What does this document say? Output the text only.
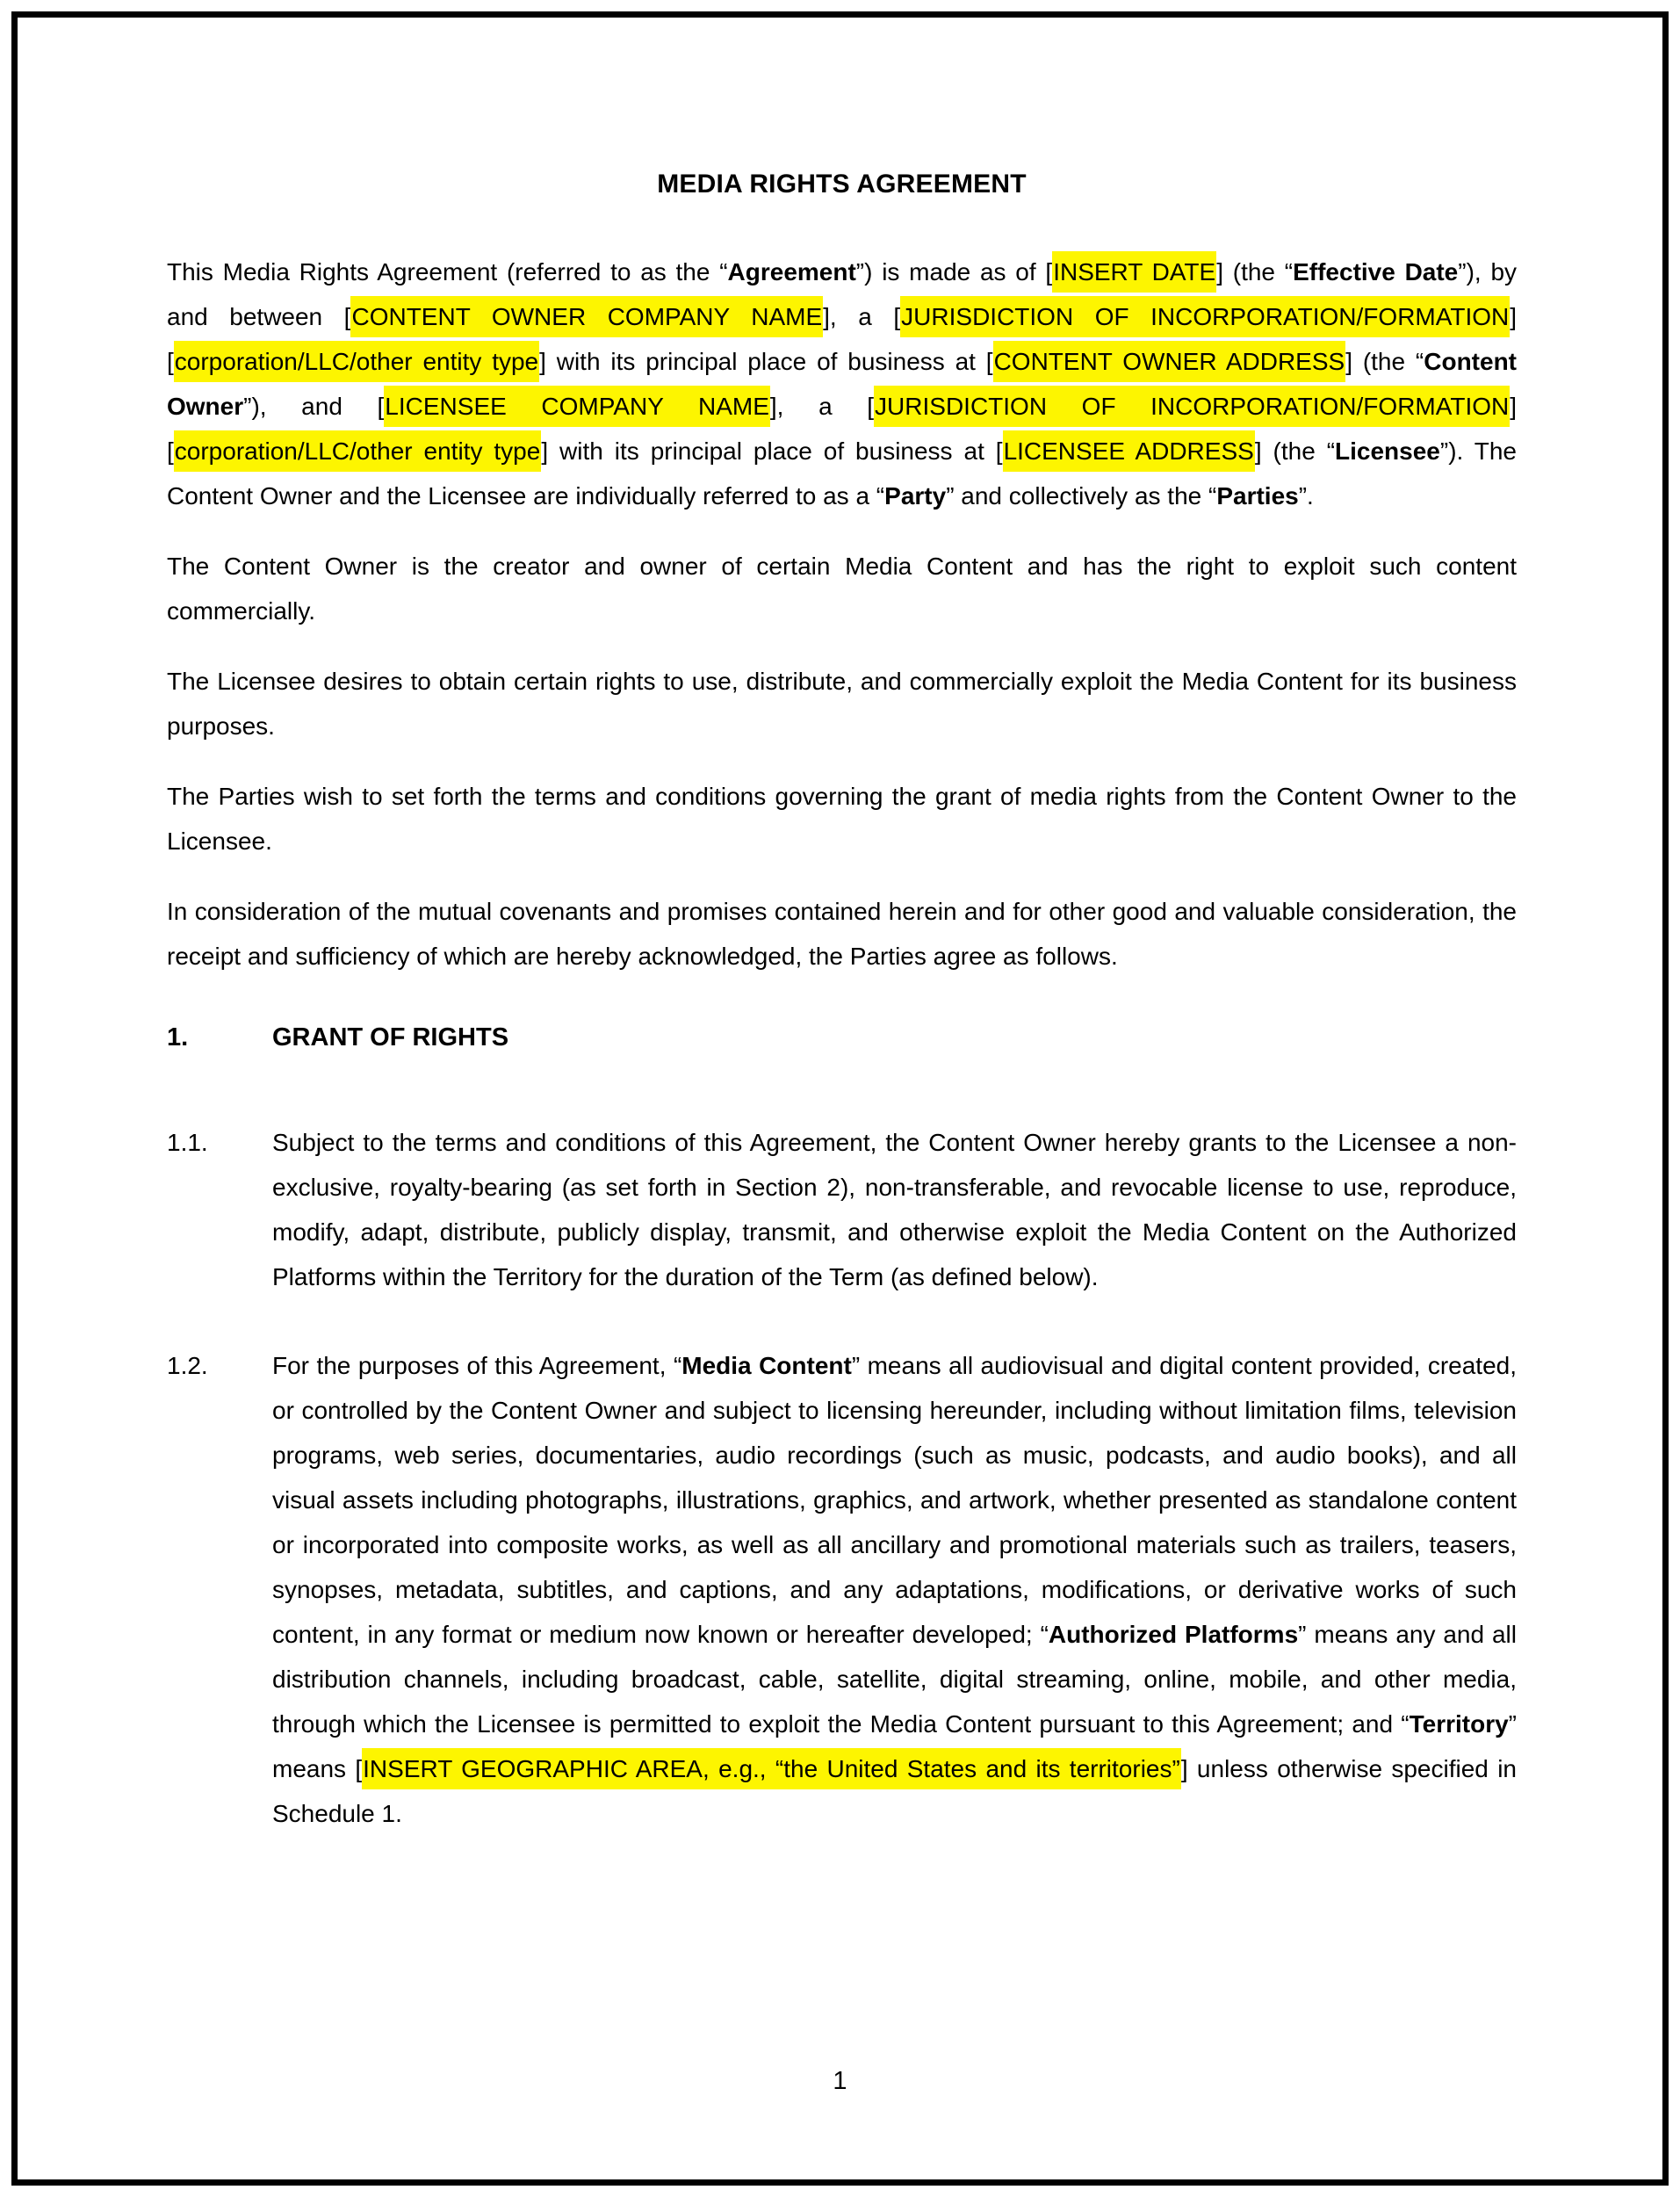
MEDIA RIGHTS AGREEMENT
This Media Rights Agreement (referred to as the “Agreement”) is made as of [INSERT DATE] (the “Effective Date”), by and between [CONTENT OWNER COMPANY NAME], a [JURISDICTION OF INCORPORATION/FORMATION] [corporation/LLC/other entity type] with its principal place of business at [CONTENT OWNER ADDRESS] (the “Content Owner”), and [LICENSEE COMPANY NAME], a [JURISDICTION OF INCORPORATION/FORMATION] [corporation/LLC/other entity type] with its principal place of business at [LICENSEE ADDRESS] (the “Licensee”). The Content Owner and the Licensee are individually referred to as a “Party” and collectively as the “Parties”.
The Content Owner is the creator and owner of certain Media Content and has the right to exploit such content commercially.
The Licensee desires to obtain certain rights to use, distribute, and commercially exploit the Media Content for its business purposes.
The Parties wish to set forth the terms and conditions governing the grant of media rights from the Content Owner to the Licensee.
In consideration of the mutual covenants and promises contained herein and for other good and valuable consideration, the receipt and sufficiency of which are hereby acknowledged, the Parties agree as follows.
1.	GRANT OF RIGHTS
1.1.	Subject to the terms and conditions of this Agreement, the Content Owner hereby grants to the Licensee a non-exclusive, royalty-bearing (as set forth in Section 2), non-transferable, and revocable license to use, reproduce, modify, adapt, distribute, publicly display, transmit, and otherwise exploit the Media Content on the Authorized Platforms within the Territory for the duration of the Term (as defined below).
1.2.	For the purposes of this Agreement, “Media Content” means all audiovisual and digital content provided, created, or controlled by the Content Owner and subject to licensing hereunder, including without limitation films, television programs, web series, documentaries, audio recordings (such as music, podcasts, and audio books), and all visual assets including photographs, illustrations, graphics, and artwork, whether presented as standalone content or incorporated into composite works, as well as all ancillary and promotional materials such as trailers, teasers, synopses, metadata, subtitles, and captions, and any adaptations, modifications, or derivative works of such content, in any format or medium now known or hereafter developed; “Authorized Platforms” means any and all distribution channels, including broadcast, cable, satellite, digital streaming, online, mobile, and other media, through which the Licensee is permitted to exploit the Media Content pursuant to this Agreement; and “Territory” means [INSERT GEOGRAPHIC AREA, e.g., “the United States and its territories”] unless otherwise specified in Schedule 1.
1
